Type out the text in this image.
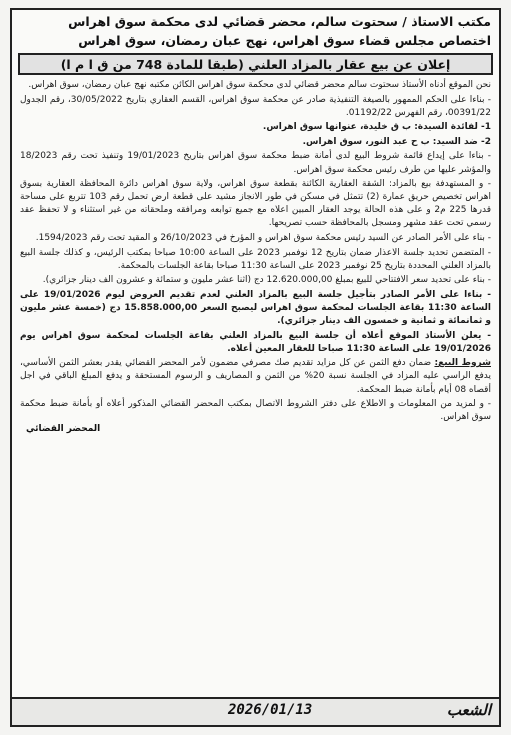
مكتب الاستاذ / سحتوت سالم، محضر قضائي لدى محكمة سوق اهراس
اختصاص مجلس قضاء سوق اهراس، نهج عبان رمضان، سوق اهراس
إعلان عن بيع عقار بالمزاد العلني (طبقا للمادة 748 من ق ا م ا)

نحن الموقع أدناه الأستاذ سحتوت سالم محضر قضائي لدى محكمة سوق اهراس الكائن مكتبه نهج عبان رمضان، سوق اهراس.

- بناءا على الحكم الممهور بالصيغة التنفيذية صادر عن محكمة سوق اهراس، القسم العقاري بتاريخ 30/05/2022، رقم الجدول 00391/22، رقم الفهرس 01192/22.

1- لفائدة السيدة: ب ق خليدة، عنوانها سوق اهراس.

2- ضد السيد: ب ح عبد النور، سوق اهراس.

- بناءا على إيداع قائمة شروط البيع لدى أمانة ضبط محكمة سوق اهراس بتاريخ 19/01/2023 وتنفيذ تحت رقم 18/2023 والمؤشر عليها من طرف رئيس محكمة سوق اهراس.

- و المستهدفة بيع بالمزاد: الشقة العقارية الكائنة بقطعة سوق اهراس، ولاية سوق اهراس دائرة المحافظة العقارية بسوق اهراس تخصيص حريق عمارة (2) تتمثل في مسكن في طور الانجاز مشيد على قطعة ارض تحمل رقم 103 تتربع على مساحة قدرها 225 م2 و على هذه الحالة يوجد العقار المبين اعلاه مع جميع توابعه ومرافقه وملحقاته من غير استثناء و لا تحفظ عقد رسمي تحت عقد مشهر ومسجل بالمحافظة حسب تصريحها.

- بناء على الأمر الصادر عن السيد رئيس محكمة سوق اهراس و المؤرخ في 26/10/2023 و المقيد تحت رقم 1594/2023.

- المتضمن تحديد جلسة الاعذار ضمان بتاريخ 12 نوفمبر 2023 على الساعة 10:00 صباحا بمكتب الرئيس، و كذلك جلسة البيع بالمزاد العلني المحددة بتاريخ 25 نوفمبر 2023 على الساعة 11:30 صباحا بقاعة الجلسات بالمحكمة.

- بناء على تحديد سعر الافتتاحي للبيع بمبلغ 12.620.000,00 دج (اثنا عشر مليون و ستمائة و عشرون الف دينار جزائري).

- بناءا على الأمر الصادر بتأجيل جلسة البيع بالمزاد العلني لعدم تقديم العروض ليوم 19/01/2026 على الساعة 11:30 بقاعة الجلسات لمحكمة سوق اهراس ليصبح السعر 15.858.000,00 دج (خمسة عشر مليون و ثمانمائة و ثمانية و خمسون الف دينار جزائري).

- يعلن الأستاذ الموقع أعلاه أن جلسة البيع بالمزاد العلني بقاعة الجلسات لمحكمة سوق اهراس يوم 19/01/2026 على الساعة 11:30 صباحا للعقار المعين أعلاه.

شروط البيع: ضمان دفع الثمن عن كل مزايد تقديم صك مصرفي مضمون لأمر المحضر القضائي يقدر بعشر الثمن الأساسي، يدفع الراسي عليه المزاد في الجلسة نسبة 20% من الثمن و المصاريف و الرسوم المستحقة و يدفع المبلغ الباقي في اجل أقصاه 08 أيام بأمانة ضبط المحكمة.

- و لمزيد من المعلومات و الاطلاع على دفتر الشروط الاتصال بمكتب المحضر القضائي المذكور أعلاه أو بأمانة ضبط محكمة سوق اهراس.

المحضر القضائي
الشعب
2026/01/13
